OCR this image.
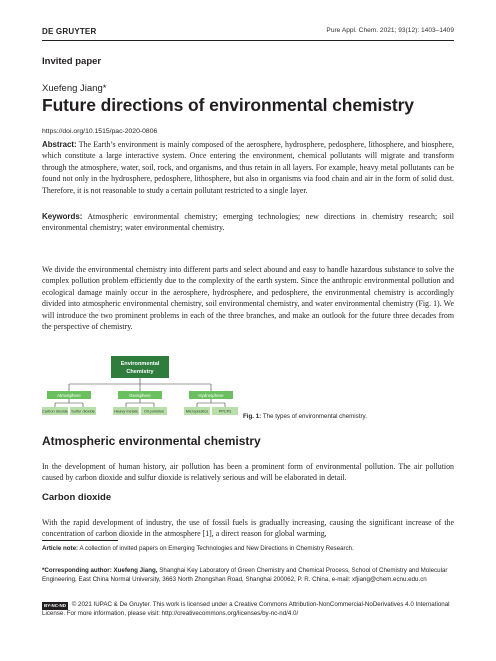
DE GRUYTER	Pure Appl. Chem. 2021; 93(12): 1403–1409
Invited paper
Xuefeng Jiang*
Future directions of environmental chemistry
https://doi.org/10.1515/pac-2020-0806
Abstract: The Earth’s environment is mainly composed of the aerosphere, hydrosphere, pedosphere, lithosphere, and biosphere, which constitute a large interactive system. Once entering the environment, chemical pollutants will migrate and transform through the atmosphere, water, soil, rock, and organisms, and thus retain in all layers. For example, heavy metal pollutants can be found not only in the hydrosphere, pedosphere, lithosphere, but also in organisms via food chain and air in the form of solid dust. Therefore, it is not reasonable to study a certain pollutant restricted to a single layer.
Keywords: Atmospheric environmental chemistry; emerging technologies; new directions in chemistry research; soil environmental chemistry; water environmental chemistry.
We divide the environmental chemistry into different parts and select abound and easy to handle hazardous substance to solve the complex pollution problem efficiently due to the complexity of the earth system. Since the anthropic environmental pollution and ecological damage mainly occur in the aerosphere, hydrosphere, and pedosphere, the environmental chemistry is accordingly divided into atmospheric environmental chemistry, soil environmental chemistry, and water environmental chemistry (Fig. 1). We will introduce the two prominent problems in each of the three branches, and make an outlook for the future three decades from the perspective of chemistry.
Environmental
Chemistry
Atmosphere	Geosphere	Hydrosphere
Carbon dioxide Sulfur dioxide	Heavy metals Oil pollution	Microplastics	PPCPs
Fig. 1: The types of environmental chemistry.
Atmospheric environmental chemistry
In the development of human history, air pollution has been a prominent form of environmental pollution. The air pollution caused by carbon dioxide and sulfur dioxide is relatively serious and will be elaborated in detail.
Carbon dioxide
With the rapid development of industry, the use of fossil fuels is gradually increasing, causing the significant increase of the concentration of carbon dioxide in the atmosphere [1], a direct reason for global warming,
Article note: A collection of invited papers on Emerging Technologies and New Directions in Chemistry Research.
*Corresponding author: Xuefeng Jiang, Shanghai Key Laboratory of Green Chemistry and Chemical Process, School of Chemistry and Molecular Engineering, East China Normal University, 3663 North Zhongshan Road, Shanghai 200062, P. R. China, e-mail: xfjiang@chem.ecnu.edu.cn
BY-NC-ND © 2021 IUPAC & De Gruyter. This work is licensed under a Creative Commons Attribution-NonCommercial-NoDerivatives 4.0 International License. For more information, please visit: http://creativecommons.org/licenses/by-nc-nd/4.0/
